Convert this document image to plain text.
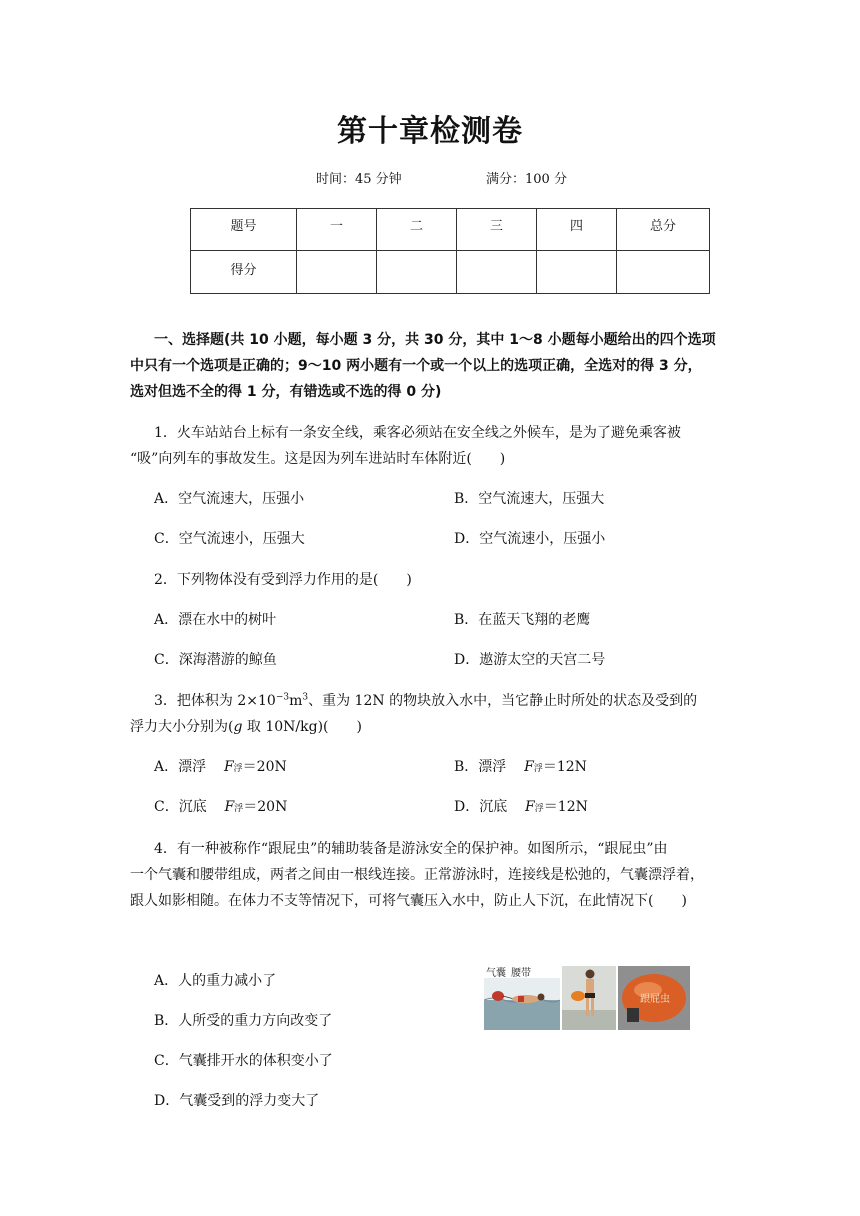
第十章检测卷
时间：45 分钟	满分：100 分
题号	一	二	三	四	总分
得分					
一、选择题(共 10 小题，每小题 3 分，共 30 分，其中 1～8 小题每小题给出的四个选项
中只有一个选项是正确的；9～10 两小题有一个或一个以上的选项正确，全选对的得 3 分，
选对但选不全的得 1 分，有错选或不选的得 0 分)
1．火车站站台上标有一条安全线，乘客必须站在安全线之外候车，是为了避免乘客被
“吸”向列车的事故发生。这是因为列车进站时车体附近(　　)
A．空气流速大，压强小	B．空气流速大，压强大
C．空气流速小，压强大	D．空气流速小，压强小
2．下列物体没有受到浮力作用的是(　　)
A．漂在水中的树叶	B．在蓝天飞翔的老鹰
C．深海潜游的鲸鱼	D．遨游太空的天宫二号
3．把体积为 $2\times 10^{-3}m^3$、重为 12N 的物块放入水中，当它静止时所处的状态及受到的
浮力大小分别为(g 取 10N/kg)(　　)
A．漂浮 F浮＝20N	B．漂浮 F浮＝12N
C．沉底 F浮＝20N	D．沉底 F浮＝12N
4．有一种被称作“跟屁虫”的辅助装备是游泳安全的保护神。如图所示，“跟屁虫”由
一个气囊和腰带组成，两者之间由一根线连接。正常游泳时，连接线是松弛的，气囊漂浮着，
跟人如影相随。在体力不支等情况下，可将气囊压入水中，防止人下沉，在此情况下(　　)
A．人的重力减小了
B．人所受的重力方向改变了
C．气囊排开水的体积变小了
D．气囊受到的浮力变大了
跟屁虫
气囊 腰带
